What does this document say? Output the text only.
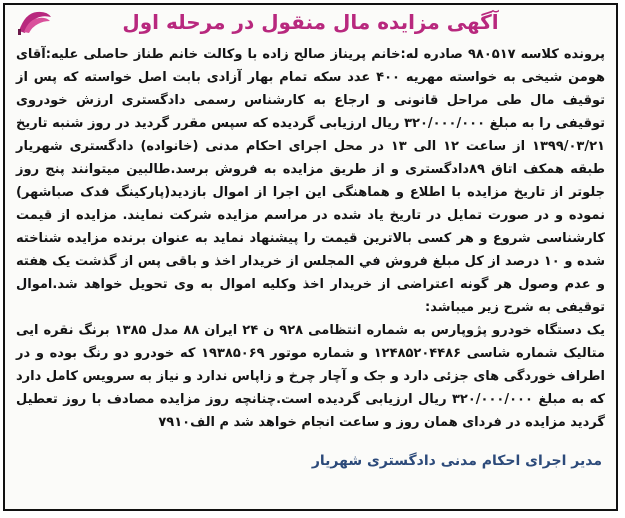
آگهی مزایده مال منقول در مرحله اول

پرونده کلاسه ۹۸۰۵۱۷ صادره له:خانم پریناز صالح زاده با وکالت خانم طناز حاصلی علیه:آقای هومن شیخی به خواسته مهریه ۴۰۰ عدد سکه تمام بهار آزادی بابت اصل خواسته که پس از توقیف مال طی مراحل قانونی و ارجاع به کارشناس رسمی دادگستری ارزش خودروی توقیفی را به مبلغ ۳۲۰/۰۰۰/۰۰۰ ریال ارزیابی گردیده که سپس مقرر گردید در روز شنبه تاریخ ۱۳۹۹/۰۳/۲۱ از ساعت ۱۲ الی ۱۳ در محل اجرای احکام مدنی (خانواده) دادگستری شهریار طبقه همکف اتاق ۸۹دادگستری و از طریق مزایده به فروش برسد.طالبین میتوانند پنج روز جلوتر از تاریخ مزایده با اطلاع و هماهنگی این اجرا از اموال بازدید(پارکینگ فدک صباشهر) نموده و در صورت تمایل در تاریخ یاد شده در مراسم مزایده شرکت نمایند. مزایده از قیمت کارشناسی شروع و هر کسی بالاترین قیمت را پیشنهاد نماید به عنوان برنده مزایده شناخته شده و ۱۰ درصد از کل مبلغ فروش في المجلس از خریدار اخذ و باقی پس از گذشت یک هفته و عدم وصول هر گونه اعتراضی از خریدار اخذ وکلیه اموال به وی تحویل خواهد شد.اموال توقیفی به شرح زیر میباشد:

یک دستگاه خودرو پژوپارس به شماره انتظامی ۹۲۸ ن ۲۴ ایران ۸۸ مدل ۱۳۸۵ برنگ نقره ایی متالیک شماره شاسی ۱۲۴۸۵۲۰۴۴۸۶ و شماره موتور ۱۹۳۸۵۰۶۹ که خودرو دو رنگ بوده و در اطراف خوردگی های جزئی دارد و جک و آچار چرخ و زاپاس ندارد و نیاز به سرویس کامل دارد که به مبلغ ۳۲۰/۰۰۰/۰۰۰ ریال ارزیابی گردیده است.چنانچه روز مزایده مصادف با روز تعطیل گردید مزایده در فردای همان روز و ساعت انجام خواهد شد م الف۷۹۱۰

مدیر اجرای احکام مدنی دادگستری شهریار
